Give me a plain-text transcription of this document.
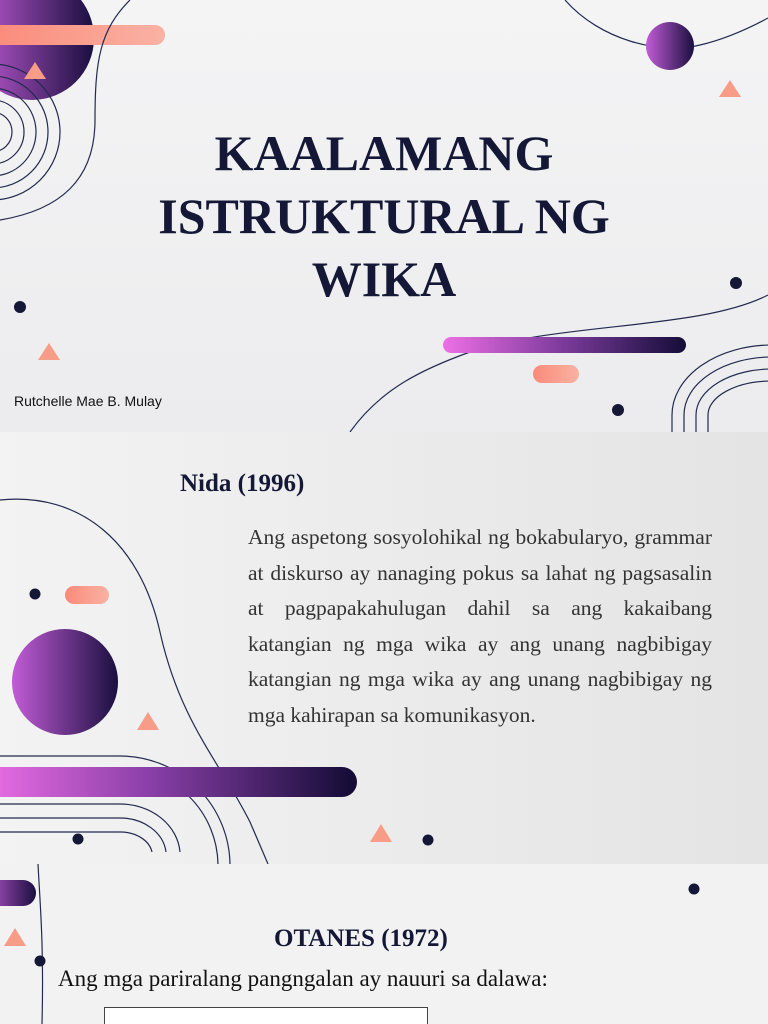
KAALAMANG
ISTRUKTURAL NG
WIKA
Rutchelle Mae B. Mulay
Nida (1996)

Ang aspetong sosyolohikal ng bokabularyo, grammar at diskurso ay nanaging pokus sa lahat ng pagsasalin at pagpapakahulugan dahil sa ang kakaibang katangian ng mga wika ay ang unang nagbibigay katangian ng mga wika ay ang unang nagbibigay ng mga kahirapan sa komunikasyon.

OTANES (1972)

Ang mga pariralang pangngalan ay nauuri sa dalawa:
